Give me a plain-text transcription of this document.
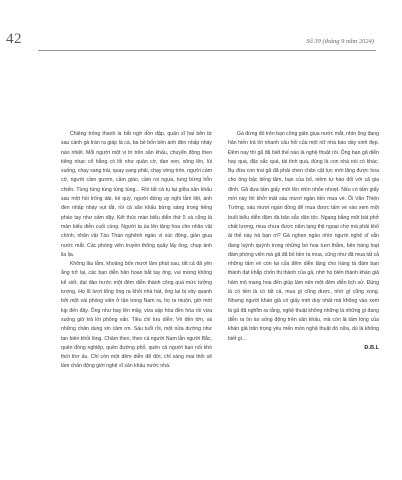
42	Số 39 (tháng 9 năm 2024)

Chiêng trống thanh la bắt ngờ dồn dập, quân sĩ hai bên từ sau cánh gà tràn ra giáp lá cà, ba bề bốn bên ánh đèn nhấp nháy náo nhiệt. Mỗi người một vị trí trên sân khấu, chuyển động theo tiếng nhạc cổ hằng có lối như quân cờ, đan xen, xông lên, lùi xuống, chạy sang trái, quay sang phải, chạy vòng tròn, người cầm cờ, người cầm gươm, cầm giáo, cầm roi ngựa, tung bừng hỗn chiến. Tùng tùng tùng tùng tùng... Rồi tất cả tụ lại giữa sân khấu sau một hồi trống dài, kẻ quỳ, người đứng uy nghi lẫm liệt, ánh đèn nhấp nháy vụt tắt, rồi cả sân khấu bừng sáng trong tiếng pháo tay như sấm dậy. Kết thúc màn biểu diễn thứ 5 và cũng là màn biểu diễn cuối cùng. Người ta ùa lên tặng hoa cho nhân vật chính, nhân vật Tào Tháo nghênh ngáo ví xúc động, giàn giua nước mắt. Các phóng viên truyền thông quây lấy ông, chụp ảnh lia lịa.

Không lâu lắm, khoảng bốn mươi lăm phút sau, tất cả đã yên ắng trở lại, các bạn diễn hân hoan bắt tay ông, vui mừng không kể xiết, đạt đào trước một đêm diễn thành công quá mức tưởng tượng. Họ lũ lượt tổng ông ra khỏi nhà hát, ông lại bị vây quanh bởi một vài phóng viên ở tận trong Nam ra, họ ra muộn, giờ mới kịp đến đây. Ông như bay lên mây, vừa sập hòa đền hòa rồi vừa xuống giờ trả lời phỏng vấn. Tiêu chí lưu diễn: Vẻ đến lớn, và những chân dung xin cảm ơn. Sáu tuổi rồi, một nửa dường như tan biến khỏi lòng. Chăm theo, theo cả người Nam lẫn người Bắc, quên đồng nghiệp, quên đường phố, quên cả người bạn nối khó thời thơ ấu. Chỉ còn một đêm diễn để đời, chỉ sáng mai thôi sẽ làm chấn động giới nghệ sĩ sân khấu nước nhà.

Gà đứng đó trên bạn công giản giụa nước mắt, nhìn ông đang hân hiến trả lời nhanh câu hỏi của một nữ nhà báo dày xinh đẹp. Đêm nay thì gã đã biết thế nào là nghệ thuật rồi. Ông bạn gã diễn hay quá, đặc sắc quá, tài tình quá, đúng là con nhà nòi có khác. Bụ đừa con trai gã đã phải chen chân cật lực mới lặng được hoa cho ông bậc tiếng tăm, bạn của bố, niềm tự hào đối với cả gia đình. Gã đưa tấm giấy mời lên nhìn nhỏe nhoẹt. Nếu có tấm giấy mời này thì khởi mất sáu mươi ngàn tiền mua vé. Ôi Văn Thiện Tường, sáu mươi ngàn đồng để mua được tấm vé vào xem một buổi biểu diễn đậm đà bản sắc dân tộc. Ngang bằng một bát phở chất lượng, mua chưa được năm lạng thịt ngoại chợ mà phải khổ ải thế này hả bạn ơi? Gã nghẹn ngào nhìn người nghệ sĩ vẫn đang luýnh quýnh trong những bó hoa tươi thắm, bên hàng loạt đám phóng viên mà gã đã bỏ tiền ra mua, cũng như đã mua tất cả những tấm vé còn lại của đêm diễn tặng cho hàng tá đám bạn thành đạt khắp chốn thị thành của gã, nhờ họ biến thành khán giả hâm mộ mang hoa đến giúp làm nên một đêm diễn lịch sử. Đúng là có tiền là có tất cả, mua gì cũng được, nhờ gì cũng xong. Nhưng người khán giả có giấy mời duy nhất mà không vào xem là gã đã nghĩm ra rằng, nghệ thuật không những là những gì đang diễn ra ồn ào sống động trên sân khấu, mà còn là tấm lòng của khán giả trân trọng yêu mến món nghệ thuật đó nữa, dù là không biết gì...

Đ.B.L
